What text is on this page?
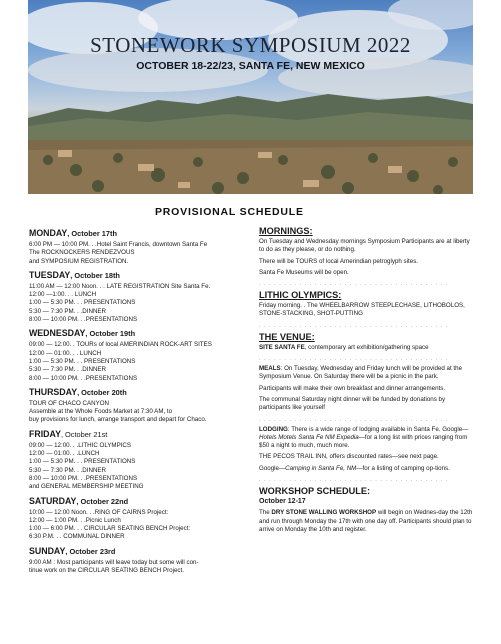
STONEWORK SYMPOSIUM 2022
OCTOBER 18-22/23, SANTA FE, NEW MEXICO
PROVISIONAL SCHEDULE
MONDAY, October 17th
6:00 PM — 10:00 PM. . .Hotel Saint Francis, downtown Santa Fe
The ROCKNOCKERS RENDEZVOUS
and SYMPOSIUM REGISTRATION.
TUESDAY, October 18th
11:00 AM — 12:00 Noon. . . LATE REGISTRATION Site Santa Fe.
12:00 —1:00. . . LUNCH
1:00 — 5:30 PM. . . PRESENTATIONS
5:30 — 7:30 PM. . .DINNER
8:00 — 10:00 PM. . .PRESENTATIONS
WEDNESDAY, October 19th
09:00 — 12:00. . TOURs of local AMERINDIAN ROCK-ART SITES
12:00 — 01:00. . . LUNCH
1:00 — 5:30 PM. . . PRESENTATIONS
5:30 — 7:30 PM. . .DINNER
8:00 — 10:00 PM. . .PRESENTATIONS
THURSDAY, October 20th
TOUR OF CHACO CANYON
Assemble at the Whole Foods Market at 7:30 AM, to
buy provisions for lunch, arrange transport and depart for Chaco.
FRIDAY, October 21st
09:00 — 12:00. . .LITHIC OLYMPICS
12:00 — 01:00. . .LUNCH
1:00 — 5:30 PM. . . PRESENTATIONS
5:30 — 7:30 PM. . .DINNER
8:00 — 10:00 PM. . .PRESENTATIONS
and GENERAL MEMBERSHIP MEETING
SATURDAY, October 22nd
10:00 — 12:00 Noon. . .RING OF CAIRNS Project:
12:00 — 1:00 PM. . .Picnic Lunch
1:00 — 6:00 PM. . . CIRCULAR SEATING BENCH Project:
6:30 P.M. . . COMMUNAL DINNER
SUNDAY, October 23rd
9:00 AM : Most participants will leave today but some will con-
tinue work on the CIRCULAR SEATING BENCH Project.
MORNINGS:
On Tuesday and Wednesday mornings Symposium Participants are at liberty to do as they please, or do nothing.
There will be TOURS of local Amerindian petroglyph sites.
Santa Fe Museums will be open.
. . . . . . . . . . . . . . . . . . . . . . . . . . . . . . . . . . . . . .
LITHIC OLYMPICS:
Friday morning. . The WHEELBARROW STEEPLECHASE, LITHOBOLOS, STONE-STACKING, SHOT-PUTTING
. . . . . . . . . . . . . . . . . . . . . . . . . . . . . . . . . . . . . .
THE VENUE:
SITE SANTA FE, contemporary art exhibition/gathering space
. . . . . . . . . . . . . . . . . . . . . . . . . . . . . . . . . . . . . .
MEALS: On Tuesday, Wednesday and Friday lunch will be provided at the Symposium Venue. On Saturday there will be a picnic in the park.
Participants will make their own breakfast and dinner arrangements.
The communal Saturday night dinner will be funded by donations by participants like yourself
. . . . . . . . . . . . . . . . . . . . . . . . . . . . . . . . . . . . . .
LODGING: There is a wide range of lodging available in Santa Fe. Google—Hotels Motels Santa Fe NM Expedia—for a long list with prices ranging from $50 a night to much, much more.
THE PECOS TRAIL INN, offers discounted rates—see next page.
Google—Camping in Santa Fe, NM—for a listing of camping op-tions.
. . . . . . . . . . . . . . . . . . . . . . . . . . . . . . . . . . . . . .
WORKSHOP SCHEDULE:
October 12-17
The DRY STONE WALLING WORKSHOP will begin on Wednes-day the 12th and run through Monday the 17th with one day off. Participants should plan to arrive on Monday the 10th and register.
